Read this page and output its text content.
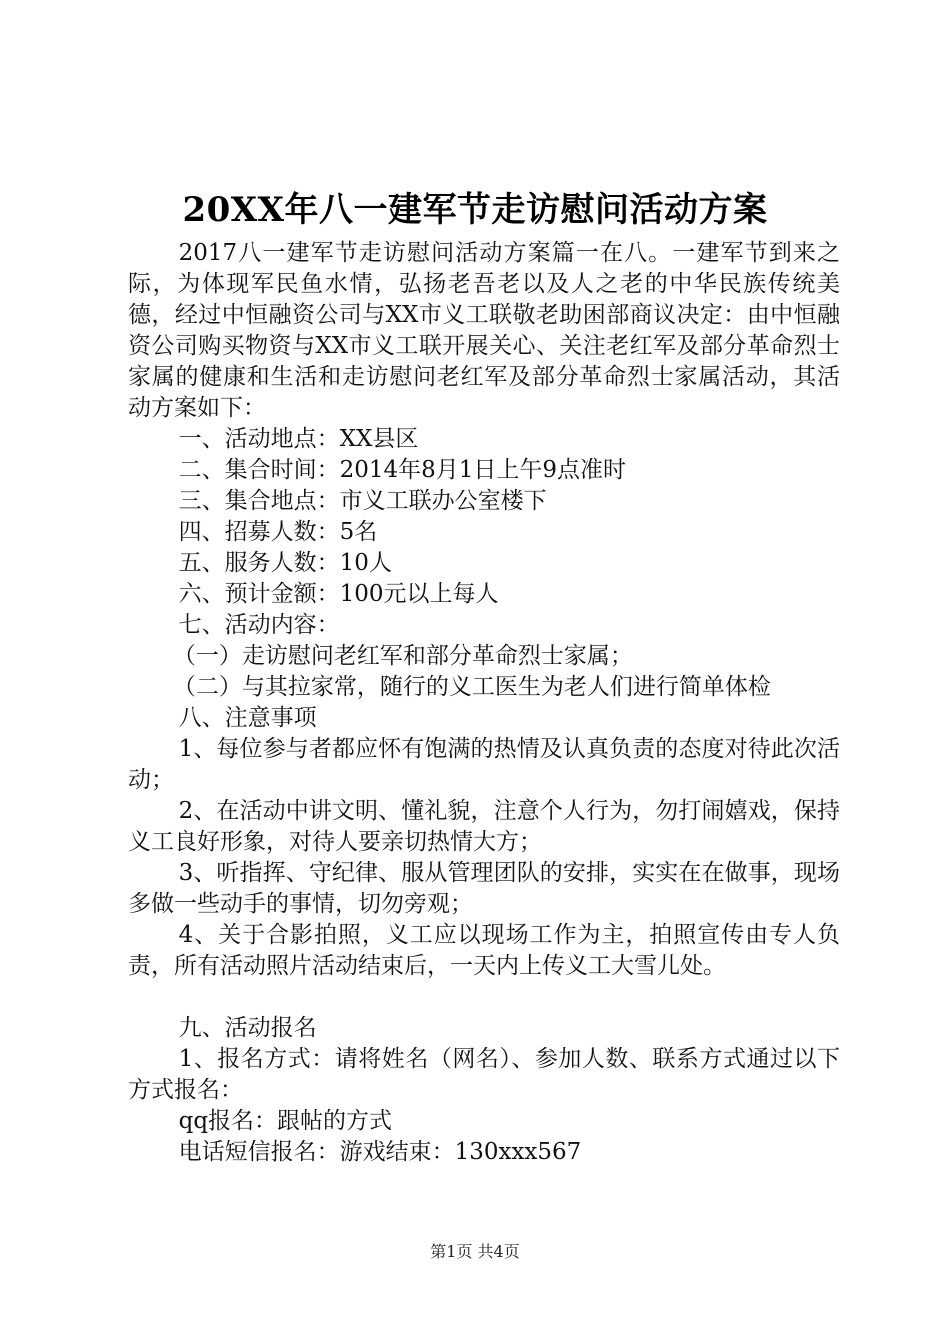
20XX年八一建军节走访慰问活动方案

2017八一建军节走访慰问活动方案篇一在八。一建军节到来之际，为体现军民鱼水情，弘扬老吾老以及人之老的中华民族传统美德，经过中恒融资公司与XX市义工联敬老助困部商议决定：由中恒融资公司购买物资与XX市义工联开展关心、关注老红军及部分革命烈士家属的健康和生活和走访慰问老红军及部分革命烈士家属活动，其活动方案如下：

一、活动地点：XX县区

二、集合时间：2014年8月1日上午9点准时

三、集合地点：市义工联办公室楼下

四、招募人数：5名

五、服务人数：10人

六、预计金额：100元以上每人

七、活动内容：

（一）走访慰问老红军和部分革命烈士家属；

（二）与其拉家常，随行的义工医生为老人们进行简单体检

八、注意事项

1、每位参与者都应怀有饱满的热情及认真负责的态度对待此次活动；

2、在活动中讲文明、懂礼貌，注意个人行为，勿打闹嬉戏，保持义工良好形象，对待人要亲切热情大方；

3、听指挥、守纪律、服从管理团队的安排，实实在在做事，现场多做一些动手的事情，切勿旁观；

4、关于合影拍照，义工应以现场工作为主，拍照宣传由专人负责，所有活动照片活动结束后，一天内上传义工大雪儿处。

九、活动报名

1、报名方式：请将姓名（网名）、参加人数、联系方式通过以下方式报名：

qq报名：跟帖的方式

电话短信报名：游戏结束：130xxx567

第1页 共4页
